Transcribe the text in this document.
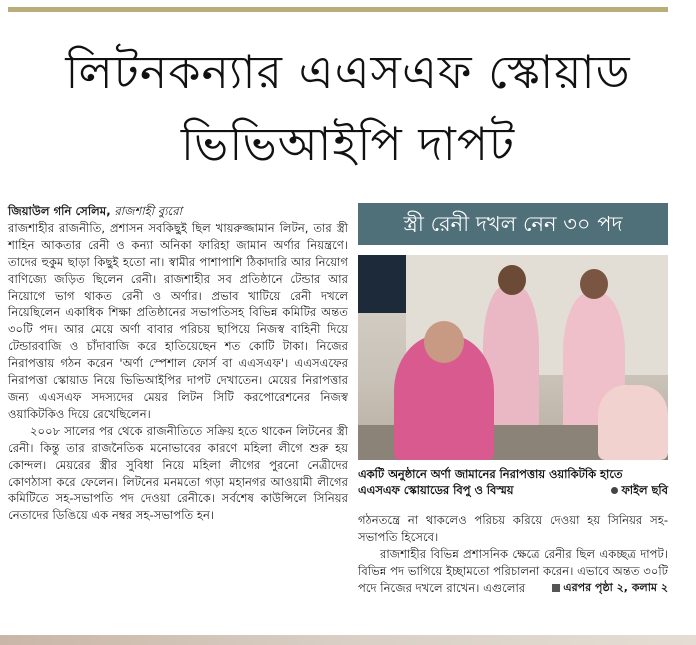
লিটনকন্যার এএসএফ স্কোয়াড
ভিভিআইপি দাপট

জিয়াউল গনি সেলিম, রাজশাহী ব্যুরো

রাজশাহীর রাজনীতি, প্রশাসন সবকিছুই ছিল খায়রুজ্জামান লিটন, তার স্ত্রী শাহিন আকতার রেনী ও কন্যা অনিকা ফারিহা জামান অর্ণার নিয়ন্ত্রণে। তাদের হুকুম ছাড়া কিছুই হতো না। স্বামীর পাশাপাশি ঠিকাদারি আর নিয়োগ বাণিজ্যে জড়িত ছিলেন রেনী। রাজশাহীর সব প্রতিষ্ঠানে টেন্ডার আর নিয়োগে ভাগ থাকত রেনী ও অর্ণার। প্রভাব খাটিয়ে রেনী দখলে নিয়েছিলেন একাধিক শিক্ষা প্রতিষ্ঠানের সভাপতিসহ বিভিন্ন কমিটির অন্তত ৩০টি পদ। আর মেয়ে অর্ণা বাবার পরিচয় ছাপিয়ে নিজস্ব বাহিনী দিয়ে টেন্ডারবাজি ও চাঁদাবাজি করে হাতিয়েছেন শত কোটি টাকা। নিজের নিরাপত্তায় গঠন করেন 'অর্ণা স্পেশাল ফোর্স বা এএসএফ'। এএসএফের নিরাপত্তা স্কোয়াড নিয়ে ভিভিআইপির দাপট দেখাতেন। মেয়ের নিরাপত্তার জন্য এএসএফ সদস্যদের মেয়র লিটন সিটি করপোরেশনের নিজস্ব ওয়াকিটকিও দিয়ে রেখেছিলেন।

২০০৮ সালের পর থেকে রাজনীতিতে সক্রিয় হতে থাকেন লিটনের স্ত্রী রেনী। কিন্তু তার রাজনৈতিক মনোভাবের কারণে মহিলা লীগে শুরু হয় কোন্দল। মেয়রের স্ত্রীর সুবিধা নিয়ে মহিলা লীগের পুরনো নেত্রীদের কোণঠাসা করে ফেলেন। লিটনের মনমতো গড়া মহানগর আওয়ামী লীগের কমিটিতে সহ-সভাপতি পদ দেওয়া রেনীকে। সর্বশেষ কাউন্সিলে সিনিয়র নেতাদের ডিঙিয়ে এক নম্বর সহ-সভাপতি হন।

স্ত্রী রেনী দখল নেন ৩০ পদ
একটি অনুষ্ঠানে অর্ণা জামানের নিরাপত্তায় ওয়াকিটকি হাতে এএসএফ স্কোয়াডের বিপু ও বিস্ময়	ফাইল ছবি

গঠনতন্ত্রে না থাকলেও পরিচয় করিয়ে দেওয়া হয় সিনিয়র সহ-সভাপতি হিসেবে।

রাজশাহীর বিভিন্ন প্রশাসনিক ক্ষেত্রে রেনীর ছিল একচ্ছত্র দাপট। বিভিন্ন পদ ভাগিয়ে ইচ্ছামতো পরিচালনা করেন। এভাবে অন্তত ৩০টি পদে নিজের দখলে রাখেন। এগুলোর	এরপর পৃষ্ঠা ২, কলাম ২
